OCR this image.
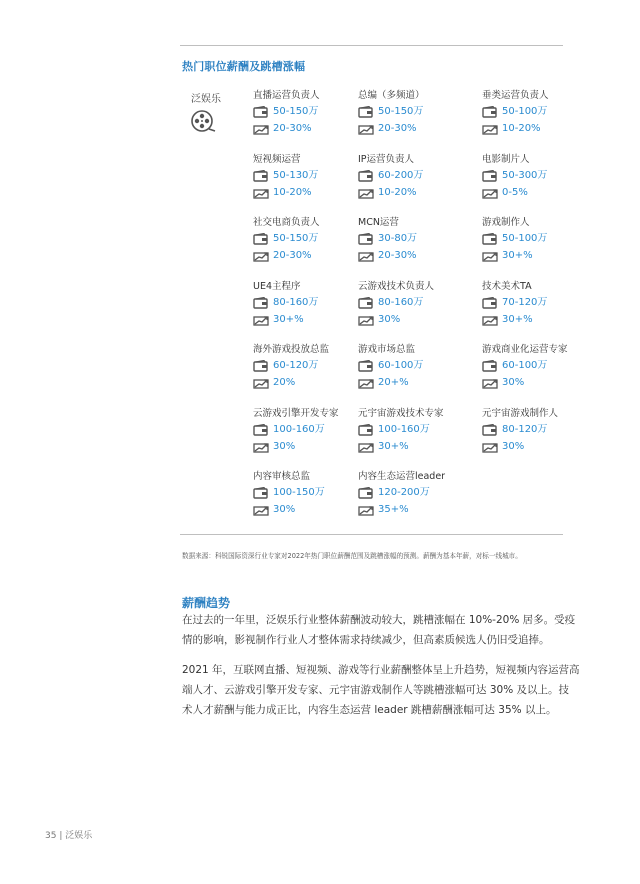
热门职位薪酬及跳槽涨幅
泛娱乐	直播运营负责人
50-150万
20-30%
总编（多频道）
50-150万
20-30%
垂类运营负责人
50-100万
10-20%
短视频运营
50-130万
10-20%
IP运营负责人
60-200万
10-20%
电影制片人
50-300万
0-5%
社交电商负责人
50-150万
20-30%
MCN运营
30-80万
20-30%
游戏制作人
50-100万
30+%
UE4主程序
80-160万
30+%
云游戏技术负责人
80-160万
30%
技术美术TA
70-120万
30+%
海外游戏投放总监
60-120万
20%
游戏市场总监
60-100万
20+%
游戏商业化运营专家
60-100万
30%
云游戏引擎开发专家
100-160万
30%
元宇宙游戏技术专家
100-160万
30+%
元宇宙游戏制作人
80-120万
30%
内容审核总监
100-150万
30%
内容生态运营leader
120-200万
35+%
数据来源：科锐国际资深行业专家对2022年热门职位薪酬范围及跳槽涨幅的预测。薪酬为基本年薪，对标一线城市。
薪酬趋势
在过去的一年里，泛娱乐行业整体薪酬波动较大，跳槽涨幅在 10%-20% 居多。受疫
情的影响，影视制作行业人才整体需求持续减少，但高素质候选人仍旧受追捧。
2021 年，互联网直播、短视频、游戏等行业薪酬整体呈上升趋势，短视频内容运营高
端人才、云游戏引擎开发专家、元宇宙游戏制作人等跳槽涨幅可达 30% 及以上。技
术人才薪酬与能力成正比，内容生态运营 leader 跳槽薪酬涨幅可达 35% 以上。
35 | 泛娱乐
